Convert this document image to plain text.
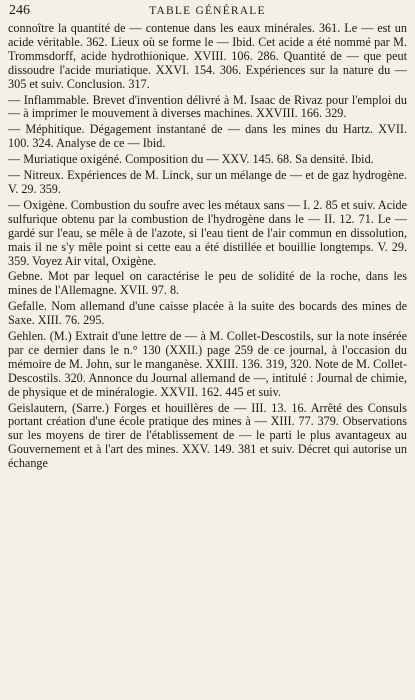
246	TABLE GÉNÉRALE

connoître la quantité de — contenue dans les eaux minérales. 361. Le — est un acide véritable. 362. Lieux où se forme le — Ibid. Cet acide a été nommé par M. Trommsdorff, acide hydrothionique. XVIII. 106. 286. Quantité de — que peut dissoudre l'acide muriatique. XXVI. 154. 306. Expériences sur la nature du — 305 et suiv. Conclusion. 317.

— Inflammable. Brevet d'invention délivré à M. Isaac de Rivaz pour l'emploi du — à imprimer le mouvement à diverses machines. XXVIII. 166. 329.

— Méphitique. Dégagement instantané de — dans les mines du Hartz. XVII. 100. 324. Analyse de ce — Ibid.

— Muriatique oxigéné. Composition du — XXV. 145. 68. Sa densité. Ibid.

— Nitreux. Expériences de M. Linck, sur un mélange de — et de gaz hydrogène. V. 29. 359.

— Oxigène. Combustion du soufre avec les métaux sans — I. 2. 85 et suiv. Acide sulfurique obtenu par la combustion de l'hydrogène dans le — II. 12. 71. Le — gardé sur l'eau, se mêle à de l'azote, si l'eau tient de l'air commun en dissolution, mais il ne s'y mêle point si cette eau a été distillée et bouillie longtemps. V. 29. 359. Voyez Air vital, Oxigène.

Gebne. Mot par lequel on caractérise le peu de solidité de la roche, dans les mines de l'Allemagne. XVII. 97. 8.

Gefalle. Nom allemand d'une caisse placée à la suite des bocards des mines de Saxe. XIII. 76. 295.

Gehlen. (M.) Extrait d'une lettre de — à M. Collet-Descostils, sur la note insérée par ce dernier dans le n.° 130 (XXII.) page 259 de ce journal, à l'occasion du mémoire de M. John, sur le manganèse. XXIII. 136. 319, 320. Note de M. Collet-Descostils. 320. Annonce du Journal allemand de —, intitulé : Journal de chimie, de physique et de minéralogie. XXVII. 162. 445 et suiv.

Geislautern, (Sarre.) Forges et houillères de — III. 13. 16. Arrêté des Consuls portant création d'une école pratique des mines à — XIII. 77. 379. Observations sur les moyens de tirer de l'établissement de — le parti le plus avantageux au Gouvernement et à l'art des mines. XXV. 149. 381 et suiv. Décret qui autorise un échange
